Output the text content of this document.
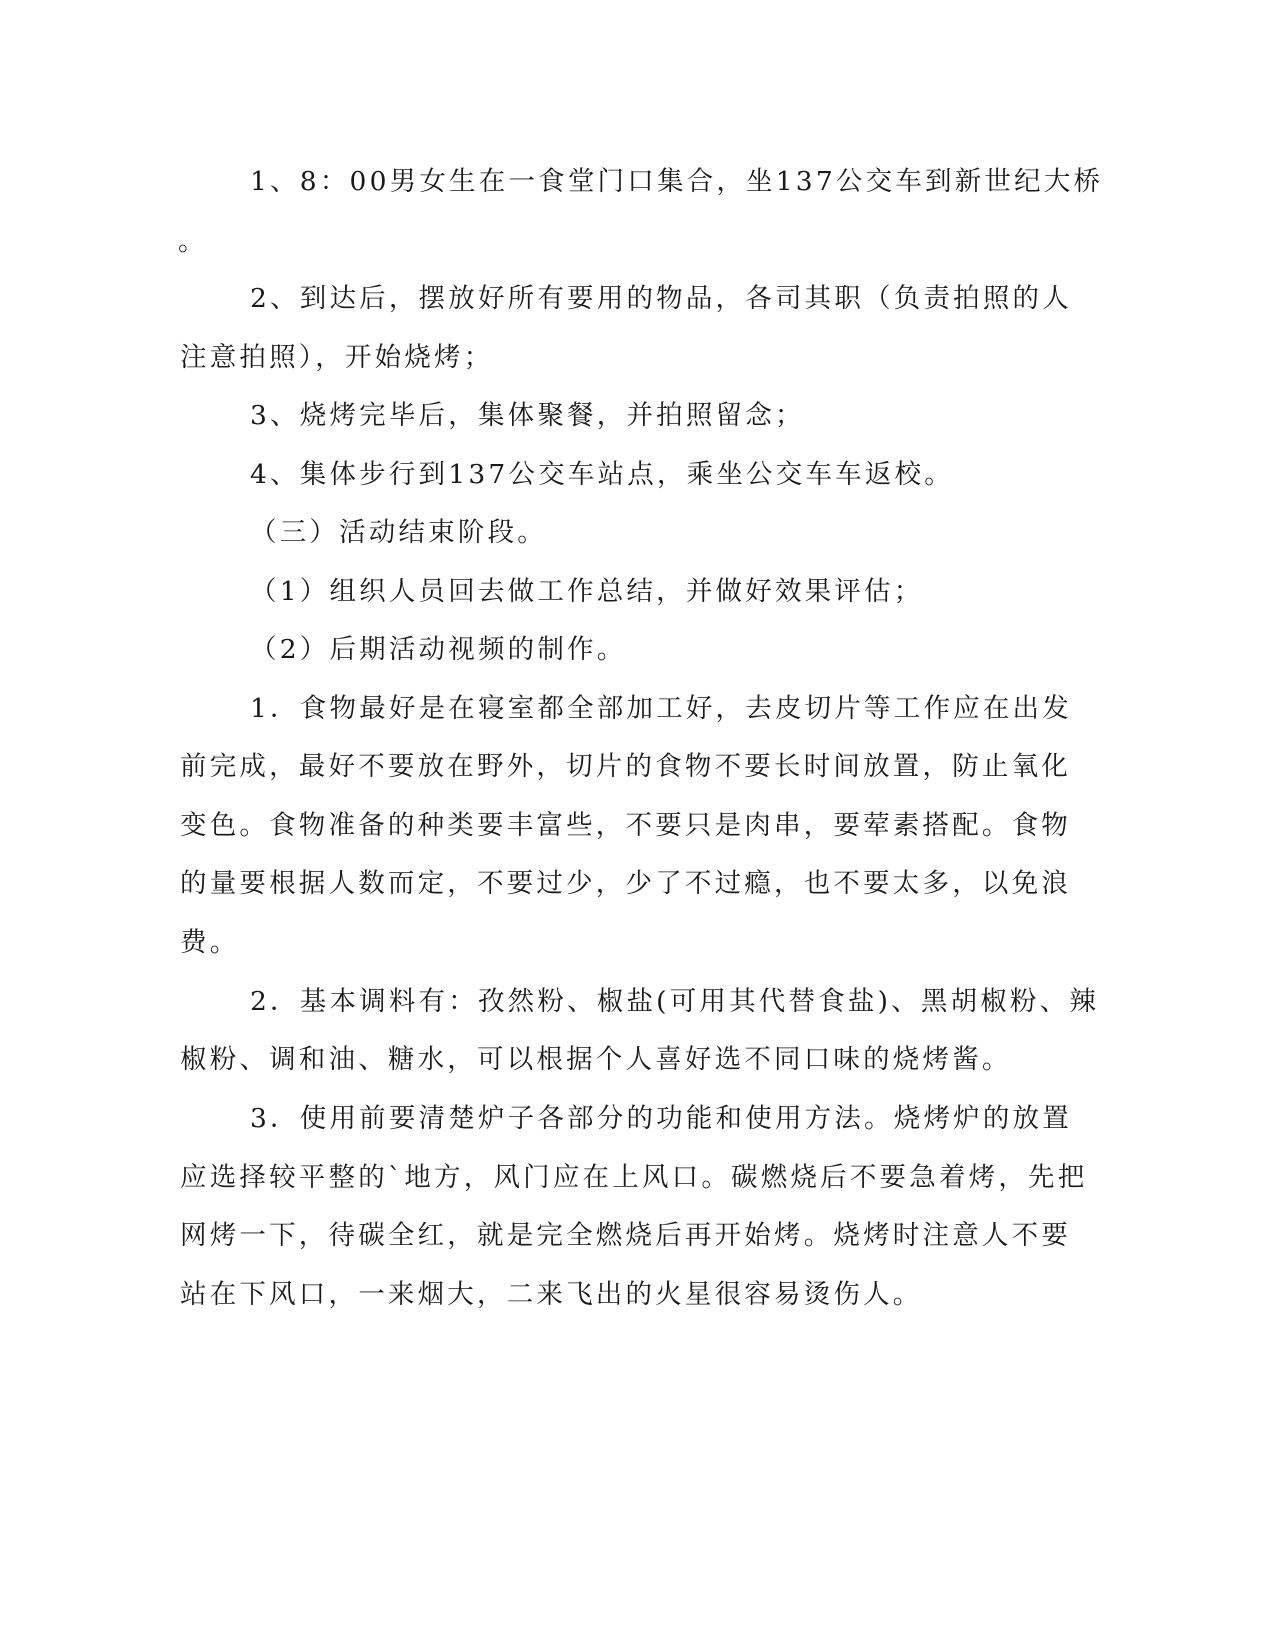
1、8：00男女生在一食堂门口集合，坐137公交车到新世纪大桥
。
2、到达后，摆放好所有要用的物品，各司其职（负责拍照的人
注意拍照），开始烧烤；
3、烧烤完毕后，集体聚餐，并拍照留念；
4、集体步行到137公交车站点，乘坐公交车车返校。
（三）活动结束阶段。
（1）组织人员回去做工作总结，并做好效果评估；
（2）后期活动视频的制作。
1．食物最好是在寝室都全部加工好，去皮切片等工作应在出发
前完成，最好不要放在野外，切片的食物不要长时间放置，防止氧化
变色。食物准备的种类要丰富些，不要只是肉串，要荤素搭配。食物
的量要根据人数而定，不要过少，少了不过瘾，也不要太多，以免浪
费。
2．基本调料有：孜然粉、椒盐(可用其代替食盐)、黑胡椒粉、辣
椒粉、调和油、糖水，可以根据个人喜好选不同口味的烧烤酱。
3．使用前要清楚炉子各部分的功能和使用方法。烧烤炉的放置
应选择较平整的`地方，风门应在上风口。碳燃烧后不要急着烤，先把
网烤一下，待碳全红，就是完全燃烧后再开始烤。烧烤时注意人不要
站在下风口，一来烟大，二来飞出的火星很容易烫伤人。
